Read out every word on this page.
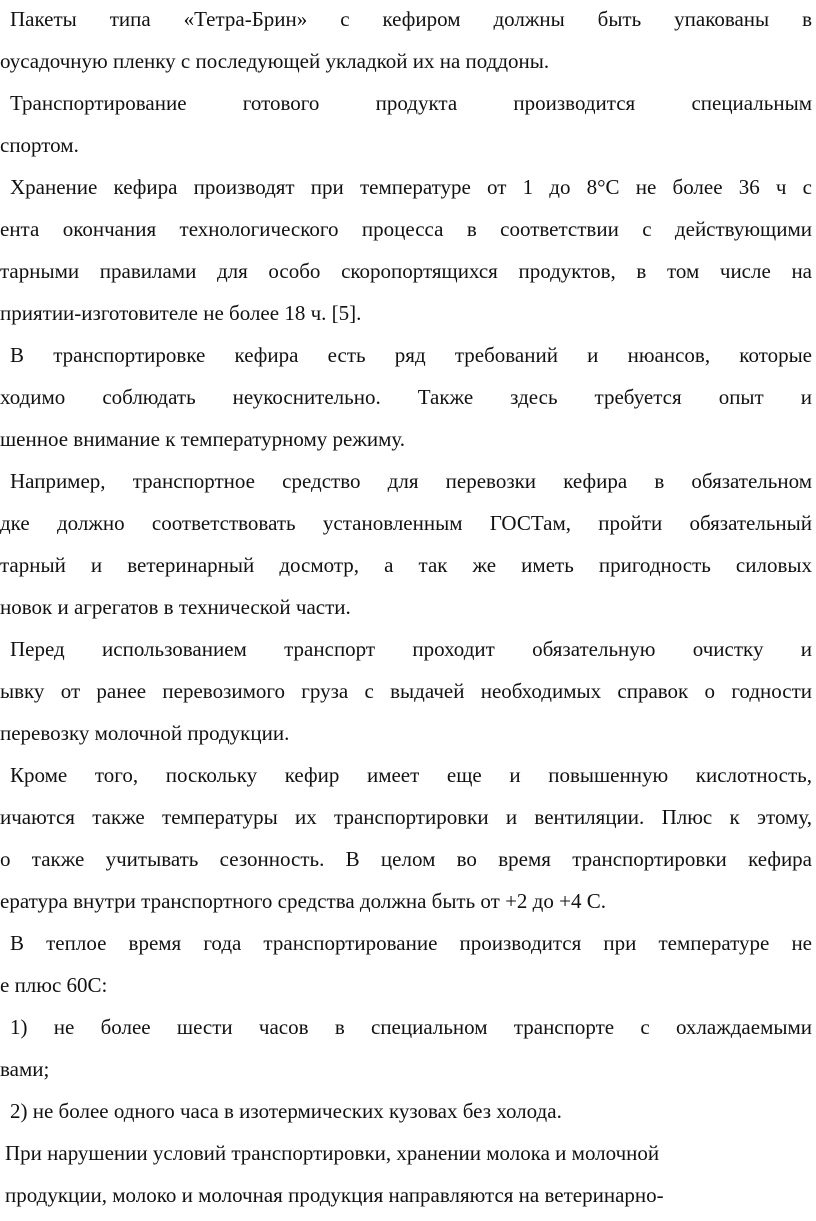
Пакеты типа «Тетра-Брин» с кефиром должны быть упакованы в
оусадочную пленку с последующей укладкой их на поддоны.
Транспортирование готового продукта производится специальным
спортом.
Хранение кефира производят при температуре от 1 до 8°С не более 36 ч с
ента окончания технологического процесса в соответствии с действующими
тарными правилами для особо скоропортящихся продуктов, в том числе на
приятии-изготовителе не более 18 ч. [5].
В транспортировке кефира есть ряд требований и нюансов, которые
ходимо соблюдать неукоснительно. Также здесь требуется опыт и
шенное внимание к температурному режиму.
Например, транспортное средство для перевозки кефира в обязательном
дке должно соответствовать установленным ГОСТам, пройти обязательный
тарный и ветеринарный досмотр, а так же иметь пригодность силовых
новок и агрегатов в технической части.
Перед использованием транспорт проходит обязательную очистку и
ывку от ранее перевозимого груза с выдачей необходимых справок о годности
перевозку молочной продукции.
Кроме того, поскольку кефир имеет еще и повышенную кислотность,
ичаются также температуры их транспортировки и вентиляции. Плюс к этому,
о также учитывать сезонность. В целом во время транспортировки кефира
ература внутри транспортного средства должна быть от +2 до +4 С.
В теплое время года транспортирование производится при температуре не
е плюс 60С:
1) не более шести часов в специальном транспорте с охлаждаемыми
вами;
2) не более одного часа в изотермических кузовах без холода.
При нарушении условий транспортировки, хранении молока и молочной
продукции, молоко и молочная продукция направляются на ветеринарно-
